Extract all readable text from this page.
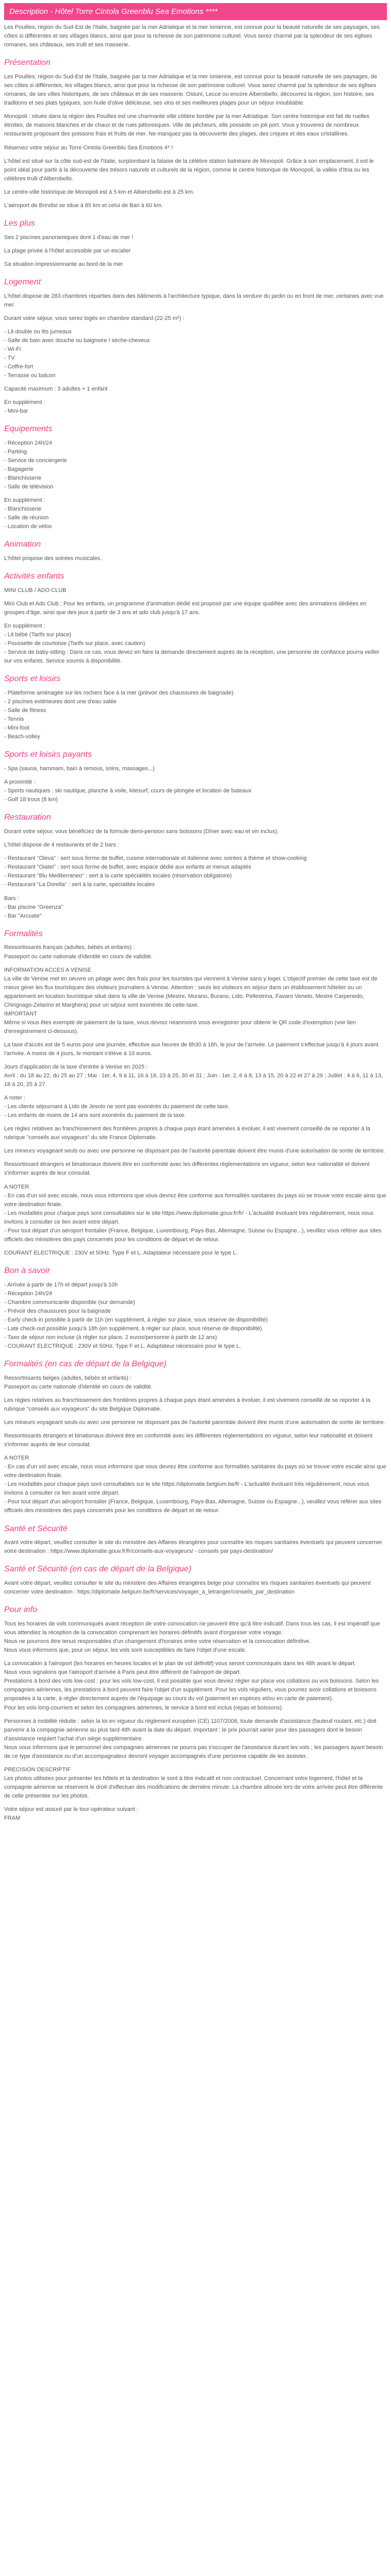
Description - Hôtel Torre Cintola Greenblu Sea Emotions ****

Les Pouilles, région du Sud-Est de l'Italie, baignée par la mer Adriatique et la mer Ionienne, est connue pour la beauté naturelle de ses paysages, ses côtes si différentes et ses villages blancs, ainsi que pour la richesse de son patrimoine culturel. Vous serez charmé par la splendeur de ses églises romanes, ses châteaux, ses trulli et ses masserie.

Présentation

Les Pouilles, région du Sud-Est de l'Italie, baignée par la mer Adriatique et la mer Ionienne, est connue pour la beauté naturelle de ses paysages, de ses côtes si différentes, les villages blancs, ainsi que pour la richesse de son patrimoine culturel. Vous serez charmé par la splendeur de ses églises romanes, de ses villes historiques, de ses châteaux et de ses masserie. Ostuni, Lecce ou encore Alberobello, découvrez la région, son histoire, ses traditions et ses plats typiques, son huile d'olive délicieuse, ses vins et ses meilleures plages pour un séjour inoubliable.

Monopoli : située dans la région des Pouilles est une charmante ville côtière bordée par la mer Adriatique. Son centre historique est fait de ruelles étroites, de maisons blanches et de chaux et de rues pittoresques. Ville de pêcheurs, elle possède un joli port. Vous y trouverez de nombreux restaurants proposant des poissons frais et fruits de mer. Ne manquez pas la découverte des plages, des criques et des eaux cristallines.

Réservez votre séjour au Torre Cintola Greenblu Sea Emotions 4* !

L'hôtel est situé sur la côte sud-est de l'Italie, surplombant la falaise de la célèbre station balnéaire de Monopoli. Grâce à son emplacement, il est le point idéal pour partir à la découverte des trésors naturels et culturels de la région, comme le centre historique de Monopoli, la vallée d'Itria ou les célèbres trulli d'Alberobello.

Le centre-ville historique de Monopoli est à 5 km et Alberobello est à 25 km.

L'aéroport de Brindisi se situe à 85 km et celui de Bari à 60 km.

Les plus

Ses 2 piscines panoramiques dont 1 d'eau de mer !

La plage privée à l'hôtel accessible par un escalier

Sa situation impressionnante au bord de la mer

Logement

L'hôtel dispose de 283 chambres réparties dans des bâtiments à l'architecture typique, dans la verdure du jardin ou en front de mer, certaines avec vue mer.

Durant votre séjour, vous serez logés en chambre standard (22-25 m²) :

- Lit double ou lits jumeaux
- Salle de bain avec douche ou baignoire / sèche-cheveux
- Wi-Fi
- TV
- Coffre-fort
- Terrasse ou balcon

Capacité maximum : 3 adultes + 1 enfant

En supplément :
- Mini-bar

Equipements

- Réception 24h/24
- Parking
- Service de conciergerie
- Bagagerie
- Blanchisserie
- Salle de télévision

En supplément :
- Blanchisserie
- Salle de réunion
- Location de vélos

Animation

L'hôtel propose des soirées musicales.

Activités enfants

MINI CLUB / ADO CLUB

Mini Club et Ado Club : Pour les enfants, un programme d'animation dédié est proposé par une équipe qualifiée avec des animations dédiées en groupes d'âge, ainsi que des jeux à partir de 3 ans et ado club jusqu'à 17 ans.

En supplément :
- Lit bébé (Tarifs sur place)
- Poussette de courtoisie (Tarifs sur place, avec caution)
- Service de baby-sitting : Dans ce cas, vous devez en faire la demande directement auprès de la réception, une personne de confiance pourra veiller sur vos enfants. Service soumis à disponibilité.

Sports et loisirs

- Plateforme aménagée sur les rochers face à la mer (prévoir des chaussures de baignade)
- 2 piscines extérieures dont une d'eau salée
- Salle de fitness
- Tennis
- Mini-foot
- Beach-volley

Sports et loisirs payants

- Spa (sauna, hammam, bain à remous, soins, massages...)

A proximité :
- Sports nautiques : ski nautique, planche à voile, kitesurf, cours de plongée et location de bateaux
- Golf 18 trous (8 km)

Restauration

Durant votre séjour, vous bénéficiez de la formule demi-pension sans boissons (Dîner avec eau et vin inclus).

L'hôtel dispose de 4 restaurants et de 2 bars :

- Restaurant "Oleva" : sert sous forme de buffet, cuisine internationale et italienne avec soirées à thème et show-cooking
- Restaurant "Oiatei" : sert sous forme de buffet, avec espace dédié aux enfants et menus adaptés
- Restaurant "Blu Mediterraneo" : sert à la carte spécialités locales (réservation obligatoire)
- Restaurant "La Dorella" : sert à la carte, spécialités locales

Bars :
- Bar piscine "Greenza"
- Bar "Arcuate"

Formalités

Ressortissants français (adultes, bébés et enfants) :
Passeport ou carte nationale d'identité en cours de validité.

INFORMATION ACCES A VENISE
La ville de Venise met en oeuvre un péage avec des frais pour les touristes qui viennent à Venise sans y loger. L'objectif premier de cette taxe est de mieux gérer les flux touristiques des visiteurs journaliers à Venise. Attention : seuls les visiteurs en séjour dans un établissement hôtelier ou un appartement en location touristique situé dans la ville de Venise (Mestre, Murano, Burano, Lido, Pellestrina, Favaro Veneto, Mestre Carpenedo, Chirignago-Zelarino et Marghera) pour un séjour sont exonérés de cette taxe.
IMPORTANT
Même si vous êtes exempté de paiement de la taxe, vous devrez néanmoins vous enregistrer pour obtenir le QR code d'exemption (voir lien d'enregistrement ci-dessous).

La taxe d'accès est de 5 euros pour une journée, effective aux heures de 8h30 à 16h, le jour de l'arrivée. Le paiement s'effectue jusqu'à 4 jours avant l'arrivée. A moins de 4 jours, le montant s'élève à 10 euros.

Jours d'application de la taxe d'entrée à Venise en 2025 :
Avril : du 18 au 22, du 25 au 27 ; Mai : 1er, 4, 9 à 11, 16 à 18, 23 à 25, 30 et 31 ; Juin : 1er, 2, 6 à 8, 13 à 15, 20 à 22 et 27 à 29 ; Juillet : 4 à 6, 11 à 13, 18 à 20, 25 à 27.

A noter :
- Les clients séjournant à Lido de Jesolo ne sont pas exonérés du paiement de cette taxe.
- Les enfants de moins de 14 ans sont exonérés du paiement de la taxe.

Les règles relatives au franchissement des frontières propres à chaque pays étant amenées à évoluer, il est vivement conseillé de se reporter à la rubrique "conseils aux voyageurs" du site France Diplomatie.

Les mineurs voyageant seuls ou avec une personne ne disposant pas de l'autorité parentale doivent être munis d'une autorisation de sortie de territoire.

Ressortissant étrangers et binationaux doivent être en conformité avec les différentes réglementations en vigueur, selon leur nationalité et doivent s'informer auprès de leur consulat.

A NOTER
- En cas d'un vol avec escale, nous vous informons que vous devrez être conforme aux formalités sanitaires du pays où se trouve votre escale ainsi que votre destination finale.
- Les modalités pour chaque pays sont consultables sur le site https://www.diplomatie.gouv.fr/fr/ - L'actualité évoluant très régulièrement, nous vous invitons à consulter ce lien avant votre départ.
- Pour tout départ d'un aéroport frontalier (France, Belgique, Luxembourg, Pays-Bas, Allemagne, Suisse ou Espagne...), veuillez vous référer aux sites officiels des ministères des pays concernés pour les conditions de départ et de retour.

COURANT ELECTRIQUE : 230V et 50Hz. Type F et L. Adaptateur nécessaire pour le type L.

Bon à savoir

- Arrivée à partir de 17h et départ jusqu'à 10h
- Réception 24h/24
- Chambre communicante disponible (sur demande)
- Prévoir des chaussures pour la baignade
- Early check-in possible à partir de 11h (en supplément, à régler sur place, sous réserve de disponibilité)
- Late check-out possible jusqu'à 18h (en supplément, à régler sur place, sous réserve de disponibilité)
- Taxe de séjour non incluse (à régler sur place, 2 euros/personne à partir de 12 ans)
- COURANT ELECTRIQUE : 230V et 50Hz. Type F et L. Adaptateur nécessaire pour le type L.

Formalités (en cas de départ de la Belgique)

Ressortissants belges (adultes, bébés et enfants) :
Passeport ou carte nationale d'identité en cours de validité.

Les règles relatives au franchissement des frontières propres à chaque pays étant amenées à évoluer, il est vivement conseillé de se reporter à la rubrique "conseils aux voyageurs" du site Belgique Diplomatie.

Les mineurs voyageant seuls ou avec une personne ne disposant pas de l'autorité parentale doivent être munis d'une autorisation de sortie de territoire.

Ressortissants étrangers et binationaux doivent être en conformité avec les différentes réglementations en vigueur, selon leur nationalité et doivent s'informer auprès de leur consulat.

A NOTER
- En cas d'un vol avec escale, nous vous informons que vous devrez être conforme aux formalités sanitaires du pays où se trouve votre escale ainsi que votre destination finale.
- Les modalités pour chaque pays sont consultables sur le site https://diplomatie.belgium.be/fr - L'actualité évoluant très régulièrement, nous vous invitons à consulter ce lien avant votre départ.
- Pour tout départ d'un aéroport frontalier (France, Belgique, Luxembourg, Pays-Bas, Allemagne, Suisse ou Espagne...), veuillez vous référer aux sites officiels des ministères des pays concernés pour les conditions de départ et de retour.

Santé et Sécurité

Avant votre départ, veuillez consulter le site du ministère des Affaires étrangères pour connaître les risques sanitaires éventuels qui peuvent concerner votre destination : https://www.diplomatie.gouv.fr/fr/conseils-aux-voyageurs/ - conseils par pays-destination/

Santé et Sécurité (en cas de départ de la Belgique)

Avant votre départ, veuillez consulter le site du ministère des Affaires étrangères belge pour connaître les risques sanitaires éventuels qui peuvent concerner votre destination : https://diplomatie.belgium.be/fr/services/voyager_a_letranger/conseils_par_destination

Pour info

Tous les horaires de vols communiqués avant réception de votre convocation ne peuvent être qu'à titre indicatif. Dans tous les cas, il est impératif que vous attendiez la réception de la convocation comprenant les horaires définitifs avant d'organiser votre voyage.
Nous ne pourrons être tenus responsables d'un changement d'horaires entre votre réservation et la convocation définitive.
Nous vous informons que, pour un séjour, les vols sont susceptibles de faire l'objet d'une escale.

La convocation à l'aéroport (les horaires en heures locales et le plan de vol définitif) vous seront communiqués dans les 48h avant le départ.
Nous vous signalons que l'aéroport d'arrivée à Paris peut être différent de l'aéroport de départ.
Prestations à bord des vols low-cost : pour les vols low-cost, il est possible que vous deviez régler sur place vos collations ou vos boissons. Selon les compagnies aériennes, les prestations à bord peuvent faire l'objet d'un supplément. Pour les vols réguliers, vous pourrez avoir collations et boissons proposées à la carte, à régler directement auprès de l'équipage au cours du vol (paiement en espèces et/ou en carte de paiement).
Pour les vols long-courriers et selon les compagnies aériennes, le service à bord est inclus (repas et boissons).

Personnes à mobilité réduite : selon la loi en vigueur du règlement européen (CE) 1107/2006, toute demande d'assistance (fauteuil roulant, etc.) doit parvenir à la compagnie aérienne au plus tard 48h avant la date du départ. Important : le prix pourrait varier pour des passagers dont le besoin d'assistance requiert l'achat d'un siège supplémentaire.
Nous vous informons que le personnel des compagnies aériennes ne pourra pas s'occuper de l'assistance durant les vols ; les passagers ayant besoin de ce type d'assistance ou d'un accompagnateur devront voyager accompagnés d'une personne capable de les assister.

PRECISION DESCRIPTIF
Les photos utilisées pour présenter les hôtels et la destination le sont à titre indicatif et non contractuel. Concernant votre logement, l'hôtel et la compagnie aérienne se réservent le droit d'effectuer des modifications de dernière minute. La chambre allouée lors de votre arrivée peut être différente de celle présentée sur les photos.

Votre séjour est assuré par le tour-opérateur suivant :
FRAM
